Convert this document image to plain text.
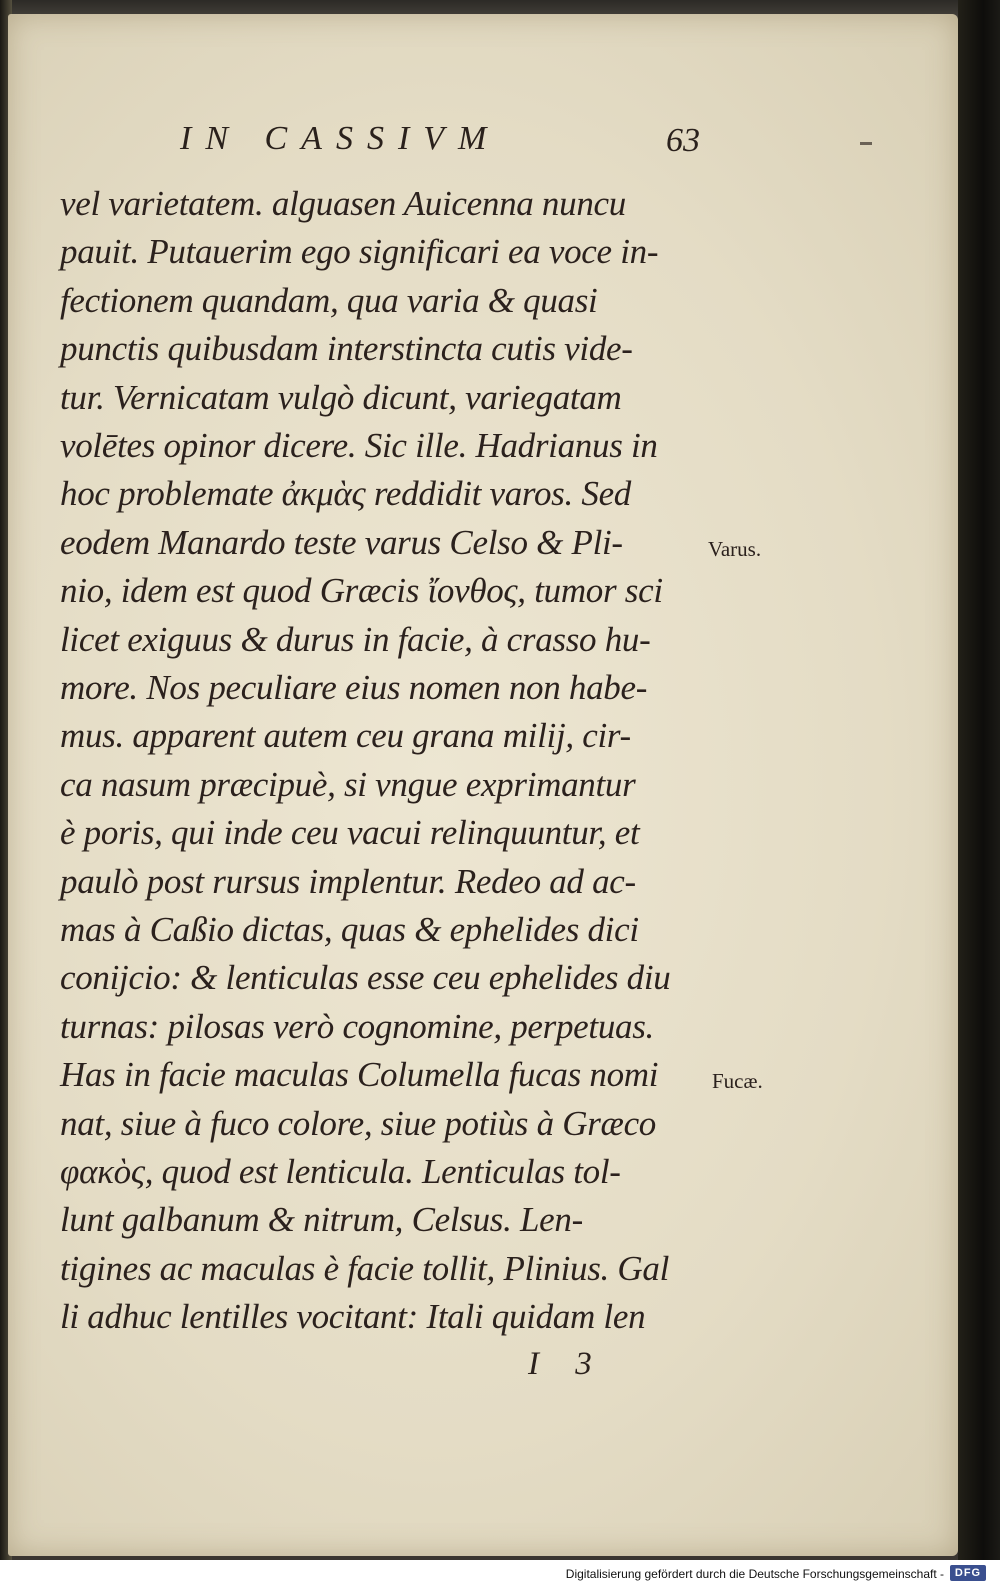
IN CASSIVM	63
vel varietatem. alguasen Auicenna nuncu
pauit. Putauerim ego significari ea voce in-
fectionem quandam, qua varia & quasi
punctis quibusdam interstincta cutis vide-
tur. Vernicatam vulgò dicunt, variegatam
volētes opinor dicere. Sic ille. Hadrianus in
hoc problemate ἀκμὰς reddidit varos. Sed
eodem Manardo teste varus Celso & Pli-
nio, idem est quod Græcis ἴονθος, tumor sci
licet exiguus & durus in facie, à crasso hu-
more. Nos peculiare eius nomen non habe-
mus. apparent autem ceu grana milij, cir-
ca nasum præcipuè, si vngue exprimantur
è poris, qui inde ceu vacui relinquuntur, et
paulò post rursus implentur. Redeo ad ac-
mas à Caßio dictas, quas & ephelides dici
conijcio: & lenticulas esse ceu ephelides diu
turnas: pilosas verò cognomine, perpetuas.
Has in facie maculas Columella fucas nomi
nat, siue à fuco colore, siue potiùs à Græco
φακὸς, quod est lenticula. Lenticulas tol-
lunt galbanum & nitrum, Celsus. Len-
tigines ac maculas è facie tollit, Plinius. Gal
li adhuc lentilles vocitant: Itali quidam len
Varus.
Fucæ.
I 3
Digitalisierung gefördert durch die Deutsche Forschungsgemeinschaft - DFG
